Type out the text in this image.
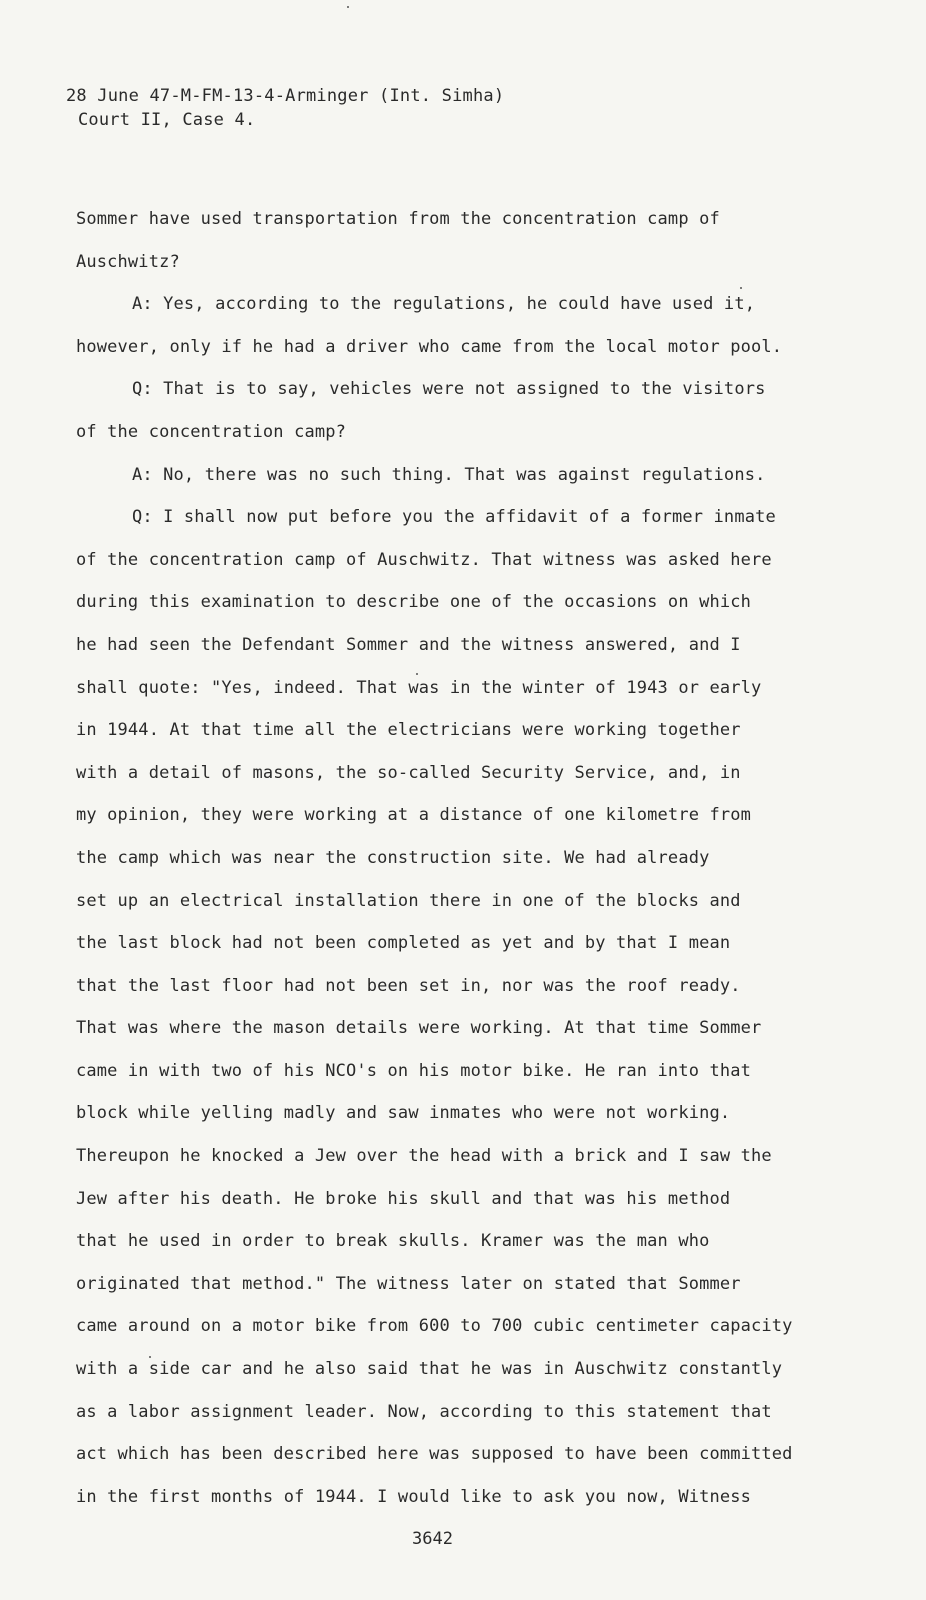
28 June 47-M-FM-13-4-Arminger (Int. Simha)
Court II, Case 4.
Sommer have used transportation from the concentration camp of
Auschwitz?
A: Yes, according to the regulations, he could have used it,
however, only if he had a driver who came from the local motor pool.
Q: That is to say, vehicles were not assigned to the visitors
of the concentration camp?
A: No, there was no such thing. That was against regulations.
Q: I shall now put before you the affidavit of a former inmate
of the concentration camp of Auschwitz. That witness was asked here
during this examination to describe one of the occasions on which
he had seen the Defendant Sommer and the witness answered, and I
shall quote: "Yes, indeed. That was in the winter of 1943 or early
in 1944. At that time all the electricians were working together
with a detail of masons, the so-called Security Service, and, in
my opinion, they were working at a distance of one kilometre from
the camp which was near the construction site. We had already
set up an electrical installation there in one of the blocks and
the last block had not been completed as yet and by that I mean
that the last floor had not been set in, nor was the roof ready.
That was where the mason details were working. At that time Sommer
came in with two of his NCO's on his motor bike. He ran into that
block while yelling madly and saw inmates who were not working.
Thereupon he knocked a Jew over the head with a brick and I saw the
Jew after his death. He broke his skull and that was his method
that he used in order to break skulls. Kramer was the man who
originated that method." The witness later on stated that Sommer
came around on a motor bike from 600 to 700 cubic centimeter capacity
with a side car and he also said that he was in Auschwitz constantly
as a labor assignment leader. Now, according to this statement that
act which has been described here was supposed to have been committed
in the first months of 1944. I would like to ask you now, Witness
3642
